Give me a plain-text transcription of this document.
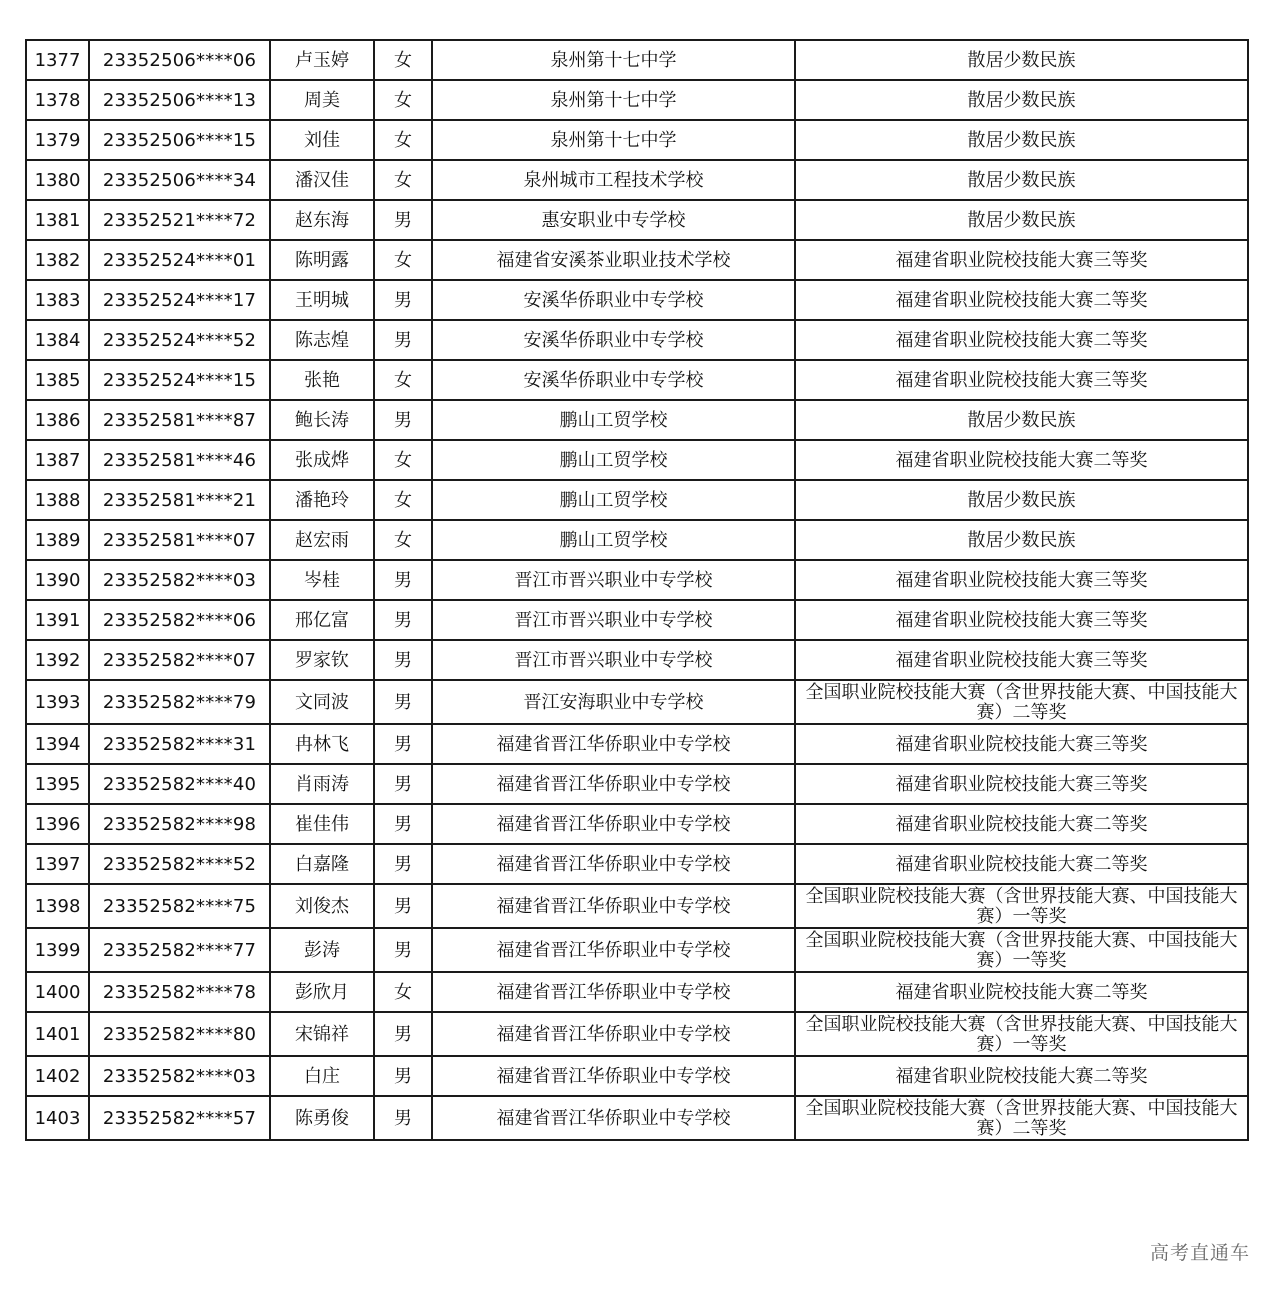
1377	23352506****06	卢玉婷	女	泉州第十七中学	散居少数民族
1378	23352506****13	周美	女	泉州第十七中学	散居少数民族
1379	23352506****15	刘佳	女	泉州第十七中学	散居少数民族
1380	23352506****34	潘汉佳	女	泉州城市工程技术学校	散居少数民族
1381	23352521****72	赵东海	男	惠安职业中专学校	散居少数民族
1382	23352524****01	陈明露	女	福建省安溪茶业职业技术学校	福建省职业院校技能大赛三等奖
1383	23352524****17	王明城	男	安溪华侨职业中专学校	福建省职业院校技能大赛二等奖
1384	23352524****52	陈志煌	男	安溪华侨职业中专学校	福建省职业院校技能大赛二等奖
1385	23352524****15	张艳	女	安溪华侨职业中专学校	福建省职业院校技能大赛三等奖
1386	23352581****87	鲍长涛	男	鹏山工贸学校	散居少数民族
1387	23352581****46	张成烨	女	鹏山工贸学校	福建省职业院校技能大赛二等奖
1388	23352581****21	潘艳玲	女	鹏山工贸学校	散居少数民族
1389	23352581****07	赵宏雨	女	鹏山工贸学校	散居少数民族
1390	23352582****03	岑桂	男	晋江市晋兴职业中专学校	福建省职业院校技能大赛三等奖
1391	23352582****06	邢亿富	男	晋江市晋兴职业中专学校	福建省职业院校技能大赛三等奖
1392	23352582****07	罗家钦	男	晋江市晋兴职业中专学校	福建省职业院校技能大赛三等奖
1393	23352582****79	文同波	男	晋江安海职业中专学校	全国职业院校技能大赛（含世界技能大赛、中国技能大赛）二等奖
1394	23352582****31	冉林飞	男	福建省晋江华侨职业中专学校	福建省职业院校技能大赛三等奖
1395	23352582****40	肖雨涛	男	福建省晋江华侨职业中专学校	福建省职业院校技能大赛三等奖
1396	23352582****98	崔佳伟	男	福建省晋江华侨职业中专学校	福建省职业院校技能大赛二等奖
1397	23352582****52	白嘉隆	男	福建省晋江华侨职业中专学校	福建省职业院校技能大赛二等奖
1398	23352582****75	刘俊杰	男	福建省晋江华侨职业中专学校	全国职业院校技能大赛（含世界技能大赛、中国技能大赛）一等奖
1399	23352582****77	彭涛	男	福建省晋江华侨职业中专学校	全国职业院校技能大赛（含世界技能大赛、中国技能大赛）一等奖
1400	23352582****78	彭欣月	女	福建省晋江华侨职业中专学校	福建省职业院校技能大赛二等奖
1401	23352582****80	宋锦祥	男	福建省晋江华侨职业中专学校	全国职业院校技能大赛（含世界技能大赛、中国技能大赛）一等奖
1402	23352582****03	白庄	男	福建省晋江华侨职业中专学校	福建省职业院校技能大赛二等奖
1403	23352582****57	陈勇俊	男	福建省晋江华侨职业中专学校	全国职业院校技能大赛（含世界技能大赛、中国技能大赛）二等奖
高考直通车
